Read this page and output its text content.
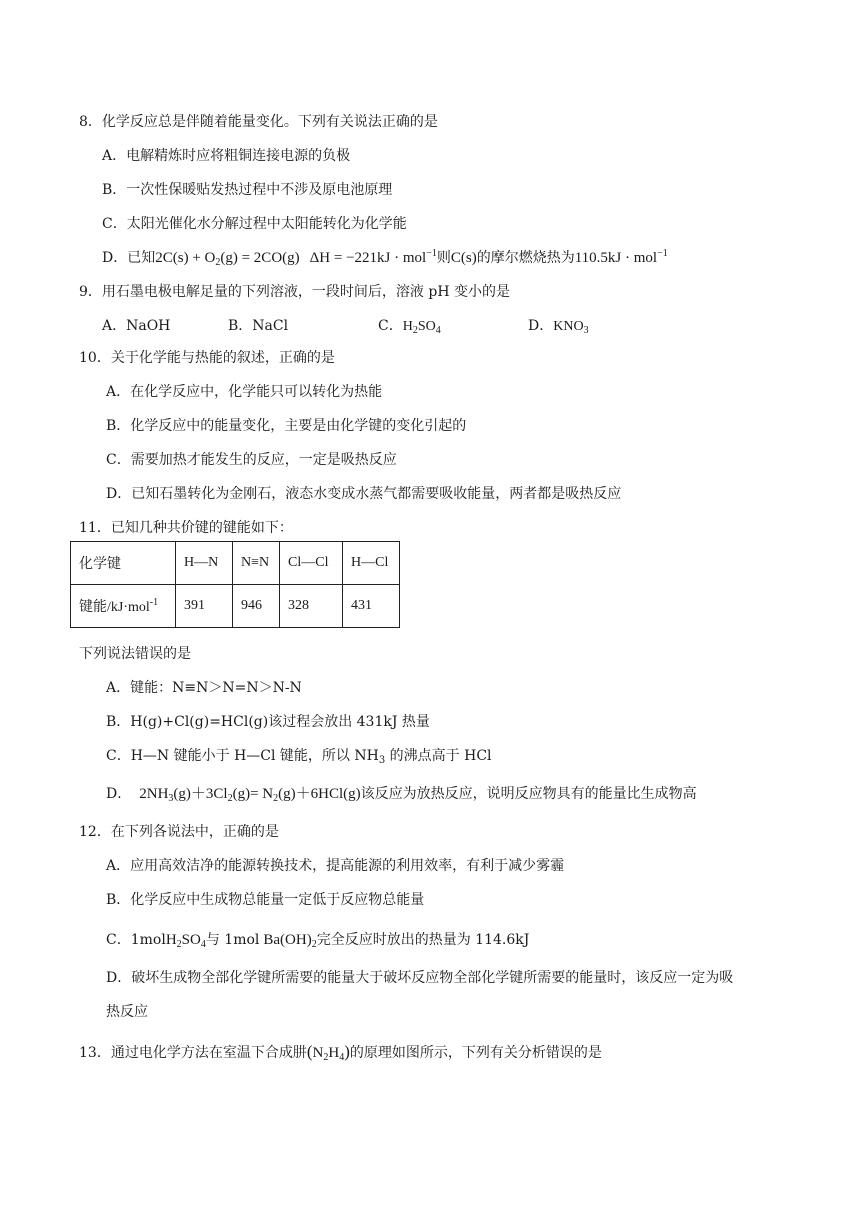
8．化学反应总是伴随着能量变化。下列有关说法正确的是
A．电解精炼时应将粗铜连接电源的负极
B．一次性保暖贴发热过程中不涉及原电池原理
C．太阳光催化水分解过程中太阳能转化为化学能
D．已知$2C(s) + O_2(g) = 2CO(g) \Delta H = -221kJ \cdot mol^{-1}$则C(s)的摩尔燃烧热为110.5kJ · mol$^{-1}$
9．用石墨电极电解足量的下列溶液，一段时间后，溶液 pH 变小的是
A．NaOH	B．NaCl	C．$H_2SO_4$	D．$KNO_3$
10．关于化学能与热能的叙述，正确的是
A．在化学反应中，化学能只可以转化为热能
B．化学反应中的能量变化，主要是由化学键的变化引起的
C．需要加热才能发生的反应，一定是吸热反应
D．已知石墨转化为金刚石，液态水变成水蒸气都需要吸收能量，两者都是吸热反应
11．已知几种共价键的键能如下：
化学键	H—N	N≡N	Cl—Cl	H—Cl
键能/kJ·mol$^{-1}$	391	946	328	431
下列说法错误的是
A．键能：N≡N＞N=N＞N-N
B．H(g)+Cl(g)=HCl(g)该过程会放出 431kJ 热量
C．H—N 键能小于 H—Cl 键能，所以 $NH_3$ 的沸点高于 HCl
D． $2NH_3(g)+3Cl_2(g)= N_2(g)+6HCl(g)$该反应为放热反应，说明反应物具有的能量比生成物高
12．在下列各说法中，正确的是
A．应用高效洁净的能源转换技术，提高能源的利用效率，有利于减少雾霾
B．化学反应中生成物总能量一定低于反应物总能量
C．$1molH_2SO_4$与 1mol $Ba(OH)_2$完全反应时放出的热量为 114.6kJ
D．破坏生成物全部化学键所需要的能量大于破坏反应物全部化学键所需要的能量时，该反应一定为吸
热反应
13．通过电化学方法在室温下合成肼$(N_2H_4)$的原理如图所示，下列有关分析错误的是
